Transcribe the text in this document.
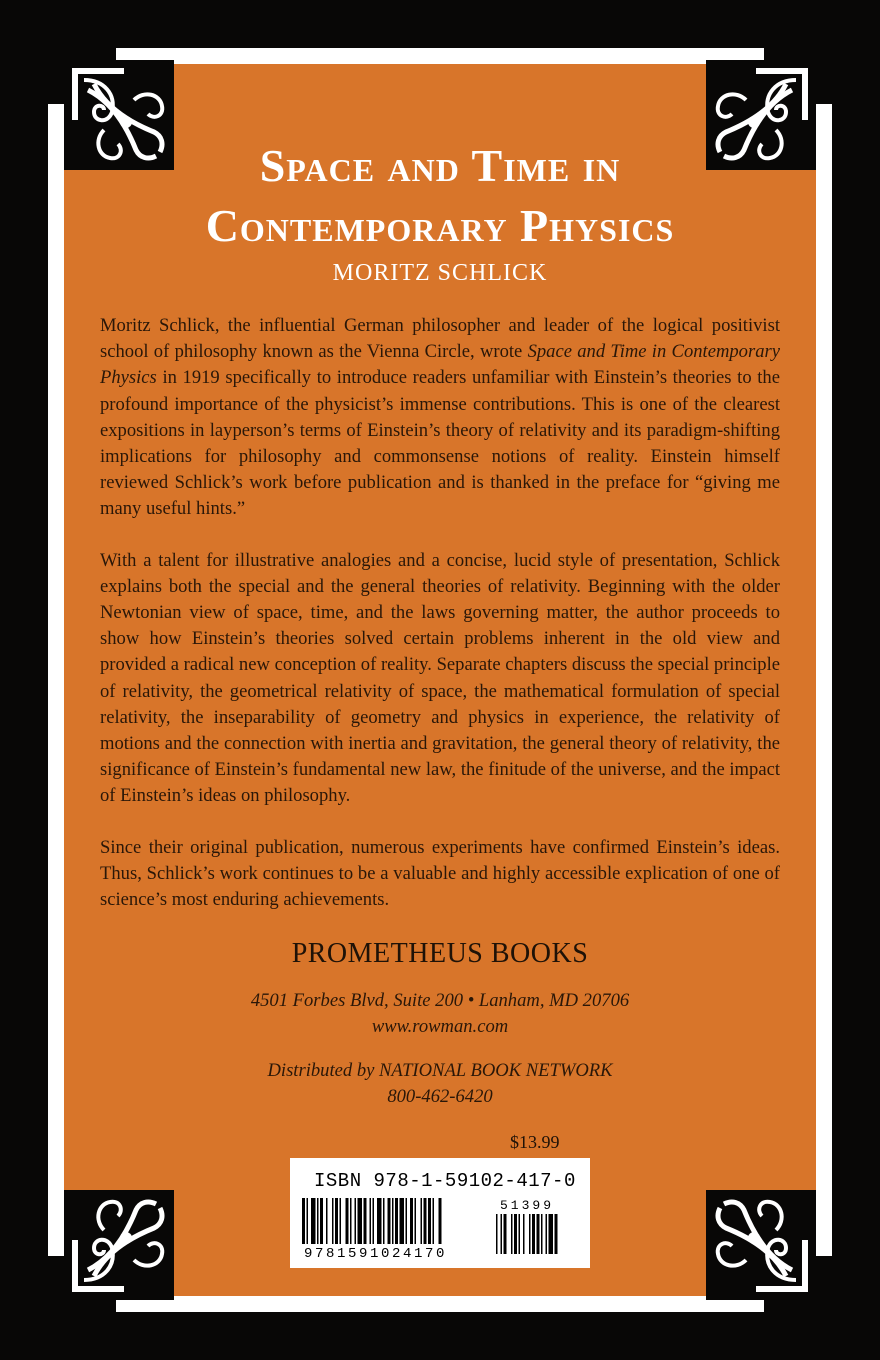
Space and Time in
Contemporary Physics
MORITZ SCHLICK

Moritz Schlick, the influential German philosopher and leader of the logical positivist school of philosophy known as the Vienna Circle, wrote Space and Time in Contemporary Physics in 1919 specifically to introduce readers unfamiliar with Einstein’s theories to the profound importance of the physicist’s immense contributions. This is one of the clearest expositions in layperson’s terms of Einstein’s theory of relativity and its paradigm-shifting implications for philosophy and commonsense notions of reality. Einstein himself reviewed Schlick’s work before publication and is thanked in the preface for “giving me many useful hints.”

With a talent for illustrative analogies and a concise, lucid style of presentation, Schlick explains both the special and the general theories of relativity. Beginning with the older Newtonian view of space, time, and the laws governing matter, the author proceeds to show how Einstein’s theories solved certain problems inherent in the old view and provided a radical new conception of reality. Separate chapters discuss the special principle of relativity, the geometrical relativity of space, the mathematical formulation of special relativity, the inseparability of geometry and physics in experience, the relativity of motions and the connection with inertia and gravitation, the general theory of relativity, the significance of Einstein’s fundamental new law, the finitude of the universe, and the impact of Einstein’s ideas on philosophy.

Since their original publication, numerous experiments have confirmed Einstein’s ideas. Thus, Schlick’s work continues to be a valuable and highly accessible explication of one of science’s most enduring achievements.

PROMETHEUS BOOKS
4501 Forbes Blvd, Suite 200 • Lanham, MD 20706
www.rowman.com
Distributed by NATIONAL BOOK NETWORK
800-462-6420
$13.99
ISBN 978-1-59102-417-0
9781591024170
51399
